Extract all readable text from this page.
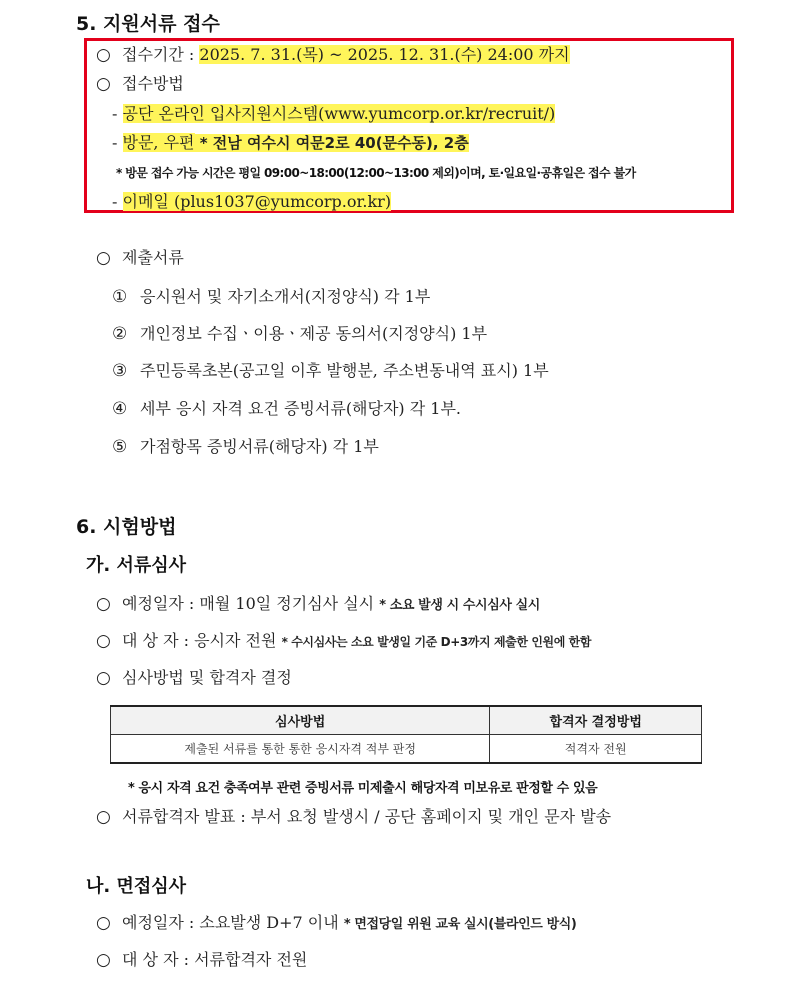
5. 지원서류 접수
○ 접수기간 : 2025. 7. 31.(목) ~ 2025. 12. 31.(수) 24:00 까지
○ 접수방법
- 공단 온라인 입사지원시스템(www.yumcorp.or.kr/recruit/)
- 방문, 우편 * 전남 여수시 여문2로 40(문수동), 2층
* 방문 접수 가능 시간은 평일 09:00~18:00(12:00~13:00 제외)이며, 토·일요일·공휴일은 접수 불가
- 이메일 (plus1037@yumcorp.or.kr)
○ 제출서류
① 응시원서 및 자기소개서(지정양식) 각 1부
② 개인정보 수집ㆍ이용ㆍ제공 동의서(지정양식) 1부
③ 주민등록초본(공고일 이후 발행분, 주소변동내역 표시) 1부
④ 세부 응시 자격 요건 증빙서류(해당자) 각 1부.
⑤ 가점항목 증빙서류(해당자) 각 1부
6. 시험방법
가. 서류심사
○ 예정일자 : 매월 10일 정기심사 실시 * 소요 발생 시 수시심사 실시
○ 대 상 자 : 응시자 전원 * 수시심사는 소요 발생일 기준 D+3까지 제출한 인원에 한함
○ 심사방법 및 합격자 결정
심사방법	합격자 결정방법
제출된 서류를 통한 통한 응시자격 적부 판정	적격자 전원
* 응시 자격 요건 충족여부 관련 증빙서류 미제출시 해당자격 미보유로 판정할 수 있음
○ 서류합격자 발표 : 부서 요청 발생시 / 공단 홈페이지 및 개인 문자 발송
나. 면접심사
○ 예정일자 : 소요발생 D+7 이내 * 면접당일 위원 교육 실시(블라인드 방식)
○ 대 상 자 : 서류합격자 전원
